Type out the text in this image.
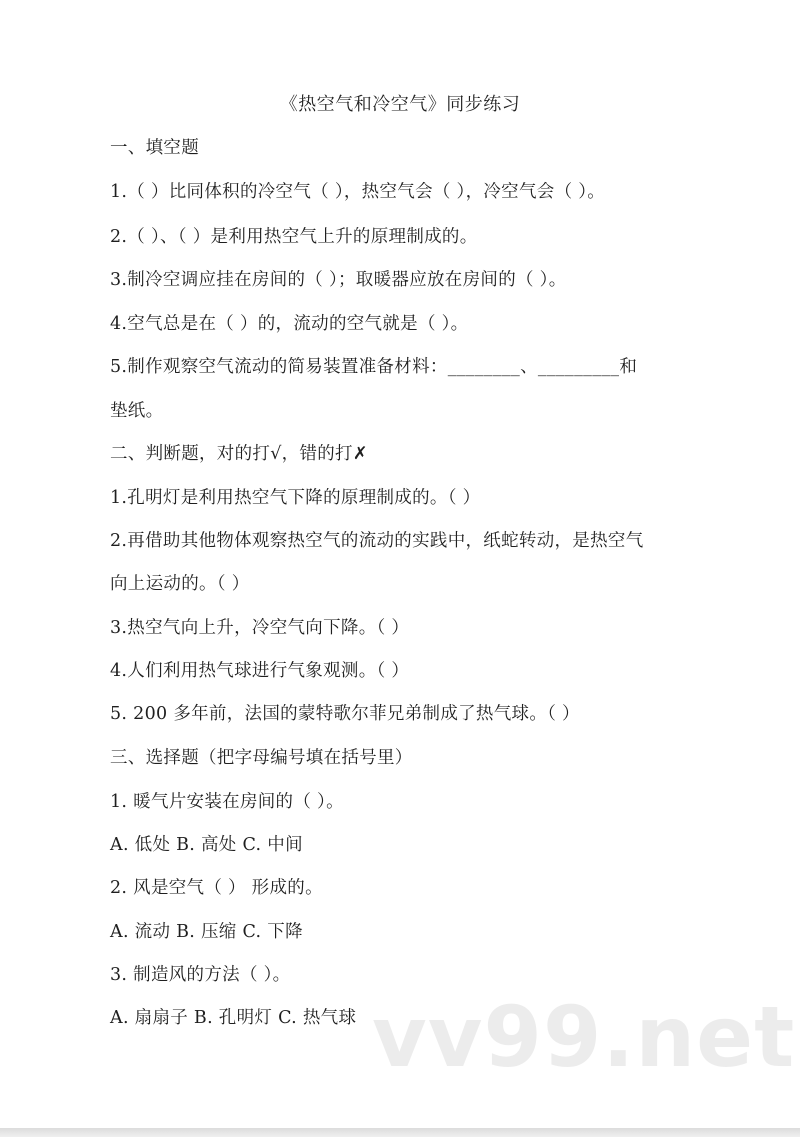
《热空气和冷空气》同步练习
一、填空题
1.（ ）比同体积的冷空气（ ），热空气会（ ），冷空气会（ ）。
2.（ ）、（ ）是利用热空气上升的原理制成的。
3.制冷空调应挂在房间的（ ）；取暖器应放在房间的（ ）。
4.空气总是在（ ）的，流动的空气就是（ ）。
5.制作观察空气流动的简易装置准备材料：________、_________和
垫纸。
二、判断题，对的打√，错的打✗
1.孔明灯是利用热空气下降的原理制成的。（ ）
2.再借助其他物体观察热空气的流动的实践中，纸蛇转动，是热空气
向上运动的。（ ）
3.热空气向上升，冷空气向下降。（ ）
4.人们利用热气球进行气象观测。（ ）
5. 200 多年前，法国的蒙特歌尔菲兄弟制成了热气球。（ ）
三、选择题（把字母编号填在括号里）
1. 暖气片安装在房间的（ ）。
A. 低处 B. 高处 C. 中间
2. 风是空气（ ） 形成的。
A. 流动 B. 压缩 C. 下降
3. 制造风的方法（ ）。
A. 扇扇子 B. 孔明灯 C. 热气球 vv99.net
